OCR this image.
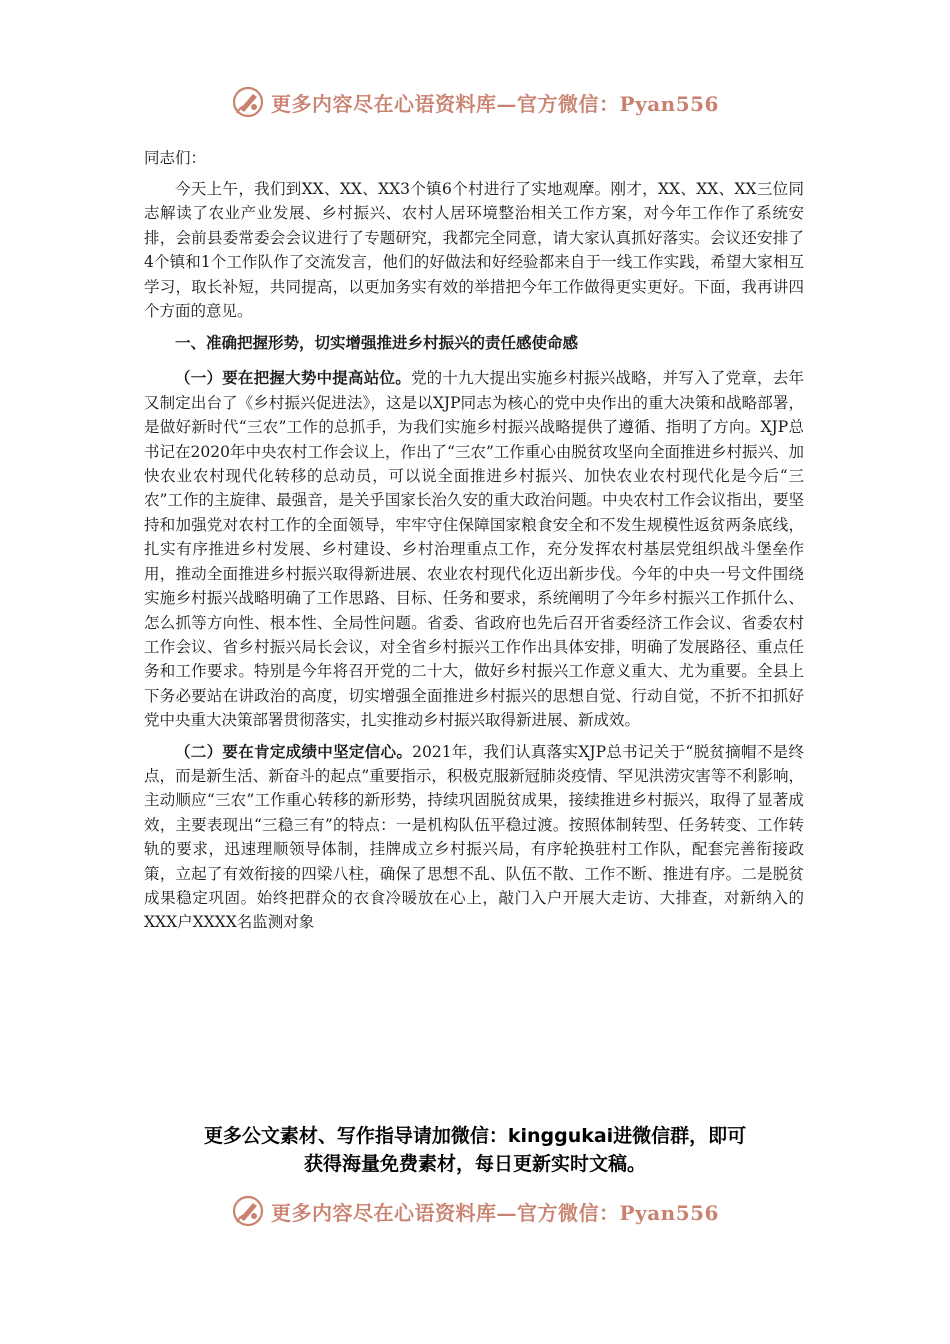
更多内容尽在心语资料库—官方微信：Pyan556

同志们：

今天上午，我们到XX、XX、XX3个镇6个村进行了实地观摩。刚才，XX、XX、XX三位同志解读了农业产业发展、乡村振兴、农村人居环境整治相关工作方案，对今年工作作了系统安排，会前县委常委会会议进行了专题研究，我都完全同意，请大家认真抓好落实。会议还安排了4个镇和1个工作队作了交流发言，他们的好做法和好经验都来自于一线工作实践，希望大家相互学习，取长补短，共同提高，以更加务实有效的举措把今年工作做得更实更好。下面，我再讲四个方面的意见。

一、准确把握形势，切实增强推进乡村振兴的责任感使命感

（一）要在把握大势中提高站位。党的十九大提出实施乡村振兴战略，并写入了党章，去年又制定出台了《乡村振兴促进法》，这是以XJP同志为核心的党中央作出的重大决策和战略部署，是做好新时代“三农”工作的总抓手，为我们实施乡村振兴战略提供了遵循、指明了方向。XJP总书记在2020年中央农村工作会议上，作出了“三农”工作重心由脱贫攻坚向全面推进乡村振兴、加快农业农村现代化转移的总动员，可以说全面推进乡村振兴、加快农业农村现代化是今后“三农”工作的主旋律、最强音，是关乎国家长治久安的重大政治问题。中央农村工作会议指出，要坚持和加强党对农村工作的全面领导，牢牢守住保障国家粮食安全和不发生规模性返贫两条底线，扎实有序推进乡村发展、乡村建设、乡村治理重点工作，充分发挥农村基层党组织战斗堡垒作用，推动全面推进乡村振兴取得新进展、农业农村现代化迈出新步伐。今年的中央一号文件围绕实施乡村振兴战略明确了工作思路、目标、任务和要求，系统阐明了今年乡村振兴工作抓什么、怎么抓等方向性、根本性、全局性问题。省委、省政府也先后召开省委经济工作会议、省委农村工作会议、省乡村振兴局长会议，对全省乡村振兴工作作出具体安排，明确了发展路径、重点任务和工作要求。特别是今年将召开党的二十大，做好乡村振兴工作意义重大、尤为重要。全县上下务必要站在讲政治的高度，切实增强全面推进乡村振兴的思想自觉、行动自觉，不折不扣抓好党中央重大决策部署贯彻落实，扎实推动乡村振兴取得新进展、新成效。

（二）要在肯定成绩中坚定信心。2021年，我们认真落实XJP总书记关于“脱贫摘帽不是终点，而是新生活、新奋斗的起点”重要指示，积极克服新冠肺炎疫情、罕见洪涝灾害等不利影响，主动顺应“三农”工作重心转移的新形势，持续巩固脱贫成果，接续推进乡村振兴，取得了显著成效，主要表现出“三稳三有”的特点：一是机构队伍平稳过渡。按照体制转型、任务转变、工作转轨的要求，迅速理顺领导体制，挂牌成立乡村振兴局，有序轮换驻村工作队，配套完善衔接政策，立起了有效衔接的四梁八柱，确保了思想不乱、队伍不散、工作不断、推进有序。二是脱贫成果稳定巩固。始终把群众的衣食冷暖放在心上，敲门入户开展大走访、大排查，对新纳入的XXX户XXXX名监测对象

更多公文素材、写作指导请加微信：kinggukai进微信群，即可
获得海量免费素材，每日更新实时文稿。
更多内容尽在心语资料库—官方微信：Pyan556
